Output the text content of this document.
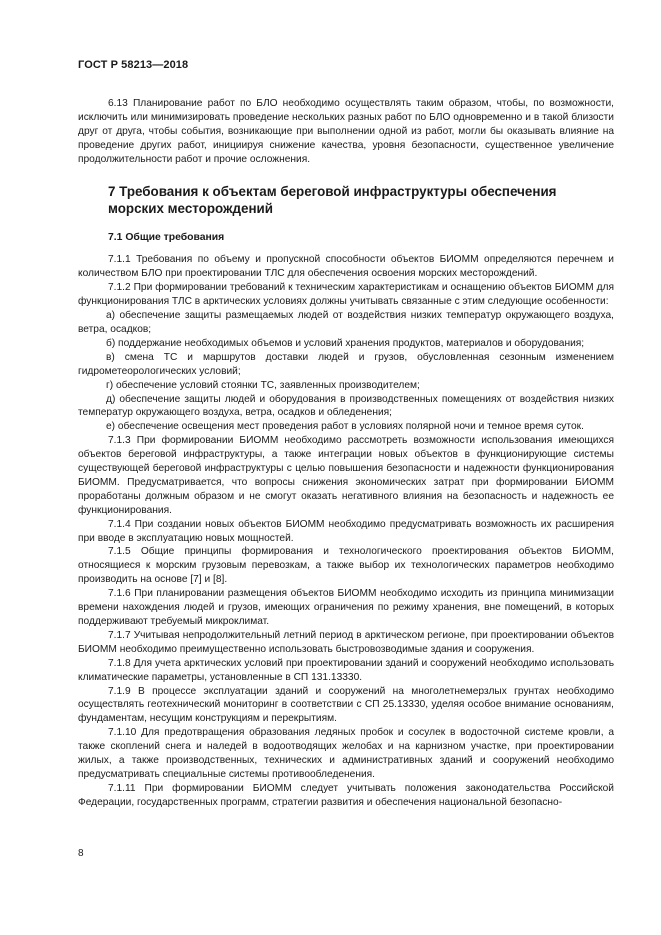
ГОСТ Р 58213—2018

6.13 Планирование работ по БЛО необходимо осуществлять таким образом, чтобы, по возможности, исключить или минимизировать проведение нескольких разных работ по БЛО одновременно и в такой близости друг от друга, чтобы события, возникающие при выполнении одной из работ, могли бы оказывать влияние на проведение других работ, инициируя снижение качества, уровня безопасности, существенное увеличение продолжительности работ и прочие осложнения.

7 Требования к объектам береговой инфраструктуры обеспечения морских месторождений
7.1 Общие требования

7.1.1 Требования по объему и пропускной способности объектов БИОММ определяются перечнем и количеством БЛО при проектировании ТЛС для обеспечения освоения морских месторождений.

7.1.2 При формировании требований к техническим характеристикам и оснащению объектов БИОММ для функционирования ТЛС в арктических условиях должны учитывать связанные с этим следующие особенности:

а) обеспечение защиты размещаемых людей от воздействия низких температур окружающего воздуха, ветра, осадков;

б) поддержание необходимых объемов и условий хранения продуктов, материалов и оборудования;

в) смена ТС и маршрутов доставки людей и грузов, обусловленная сезонным изменением гидрометеорологических условий;

г) обеспечение условий стоянки ТС, заявленных производителем;

д) обеспечение защиты людей и оборудования в производственных помещениях от воздействия низких температур окружающего воздуха, ветра, осадков и обледенения;

е) обеспечение освещения мест проведения работ в условиях полярной ночи и темное время суток.

7.1.3 При формировании БИОММ необходимо рассмотреть возможности использования имеющихся объектов береговой инфраструктуры, а также интеграции новых объектов в функционирующие системы существующей береговой инфраструктуры с целью повышения безопасности и надежности функционирования БИОММ. Предусматривается, что вопросы снижения экономических затрат при формировании БИОММ проработаны должным образом и не смогут оказать негативного влияния на безопасность и надежность ее функционирования.

7.1.4 При создании новых объектов БИОММ необходимо предусматривать возможность их расширения при вводе в эксплуатацию новых мощностей.

7.1.5 Общие принципы формирования и технологического проектирования объектов БИОММ, относящиеся к морским грузовым перевозкам, а также выбор их технологических параметров необходимо производить на основе [7] и [8].

7.1.6 При планировании размещения объектов БИОММ необходимо исходить из принципа минимизации времени нахождения людей и грузов, имеющих ограничения по режиму хранения, вне помещений, в которых поддерживают требуемый микроклимат.

7.1.7 Учитывая непродолжительный летний период в арктическом регионе, при проектировании объектов БИОММ необходимо преимущественно использовать быстровозводимые здания и сооружения.

7.1.8 Для учета арктических условий при проектировании зданий и сооружений необходимо использовать климатические параметры, установленные в СП 131.13330.

7.1.9 В процессе эксплуатации зданий и сооружений на многолетнемерзлых грунтах необходимо осуществлять геотехнический мониторинг в соответствии с СП 25.13330, уделяя особое внимание основаниям, фундаментам, несущим конструкциям и перекрытиям.

7.1.10 Для предотвращения образования ледяных пробок и сосулек в водосточной системе кровли, а также скоплений снега и наледей в водоотводящих желобах и на карнизном участке, при проектировании жилых, а также производственных, технических и административных зданий и сооружений необходимо предусматривать специальные системы противообледенения.

7.1.11 При формировании БИОММ следует учитывать положения законодательства Российской Федерации, государственных программ, стратегии развития и обеспечения национальной безопасно-

8
